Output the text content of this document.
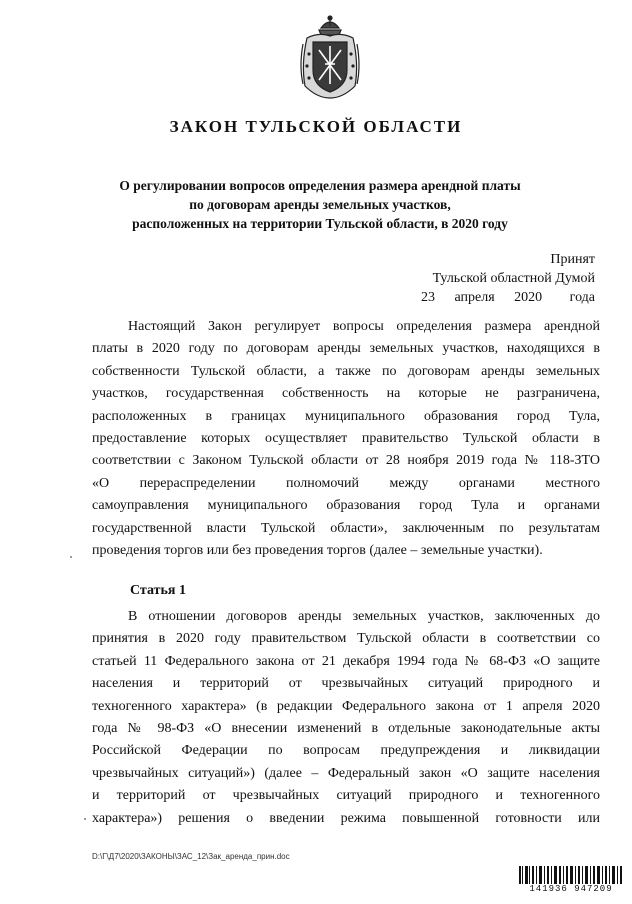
ЗАКОН ТУЛЬСКОЙ ОБЛАСТИ
О регулировании вопросов определения размера арендной платы
по договорам аренды земельных участков,
расположенных на территории Тульской области, в 2020 году
Принят
Тульской областной Думой
23 апреля 2020 года
Настоящий Закон регулирует вопросы определения размера арендной
платы в 2020 году по договорам аренды земельных участков, находящихся в
собственности Тульской области, а также по договорам аренды земельных
участков, государственная собственность на которые не разграничена,
расположенных в границах муниципального образования город Тула,
предоставление которых осуществляет правительство Тульской области в
соответствии с Законом Тульской области от 28 ноября 2019 года № 118-ЗТО
«О перераспределении полномочий между органами местного
самоуправления муниципального образования город Тула и органами
государственной власти Тульской области», заключенным по результатам
проведения торгов или без проведения торгов (далее – земельные участки).
Статья 1
В отношении договоров аренды земельных участков, заключенных до
принятия в 2020 году правительством Тульской области в соответствии со
статьей 11 Федерального закона от 21 декабря 1994 года № 68-ФЗ «О защите
населения и территорий от чрезвычайных ситуаций природного и
техногенного характера» (в редакции Федерального закона от 1 апреля 2020
года № 98-ФЗ «О внесении изменений в отдельные законодательные акты
Российской Федерации по вопросам предупреждения и ликвидации
чрезвычайных ситуаций») (далее – Федеральный закон «О защите населения
и территорий от чрезвычайных ситуаций природного и техногенного
характера») решения о введении режима повышенной готовности или
D:\Г\Д7\2020\ЗАКОНЫ\ЗАС_12\Зак_аренда_прин.doc
141936 947209
